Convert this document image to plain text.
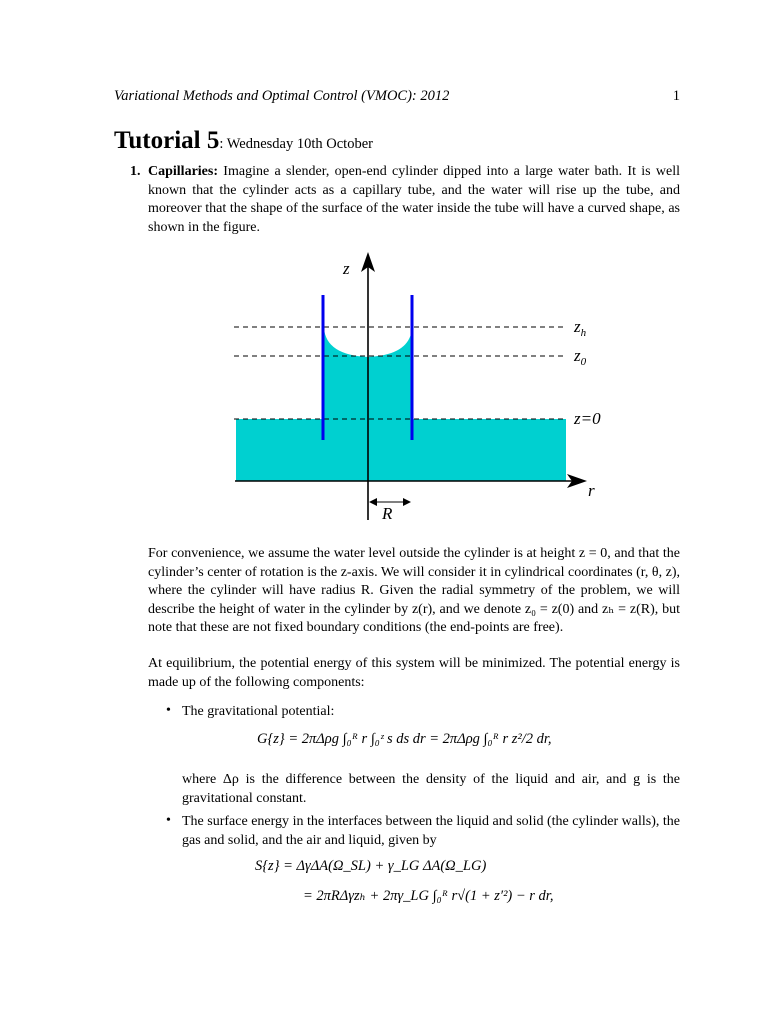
Variational Methods and Optimal Control (VMOC): 2012	1
Tutorial 5: Wednesday 10th October
1. Capillaries: Imagine a slender, open-end cylinder dipped into a large water bath. It is well known that the cylinder acts as a capillary tube, and the water will rise up the tube, and moreover that the shape of the surface of the water inside the tube will have a curved shape, as shown in the figure.
z
r
$z_h$
$z_0$
z=0
R
For convenience, we assume the water level outside the cylinder is at height z = 0, and that the cylinder’s center of rotation is the z-axis. We will consider it in cylindrical coordinates (r, θ, z), where the cylinder will have radius R. Given the radial symmetry of the problem, we will describe the height of water in the cylinder by z(r), and we denote z₀ = z(0) and zₕ = z(R), but note that these are not fixed boundary conditions (the end-points are free).
At equilibrium, the potential energy of this system will be minimized. The potential energy is made up of the following components:
• The gravitational potential:
G{z} = 2πΔρg ∫₀ᴿ r ∫₀ᶻ s ds dr = 2πΔρg ∫₀ᴿ r z²/2 dr,
where Δρ is the difference between the density of the liquid and air, and g is the gravitational constant.
• The surface energy in the interfaces between the liquid and solid (the cylinder walls), the gas and solid, and the air and liquid, given by
S{z} = ΔγΔA(Ω_SL) + γ_LG ΔA(Ω_LG)
= 2πRΔγzₕ + 2πγ_LG ∫₀ᴿ r√(1 + z′²) − r dr,
